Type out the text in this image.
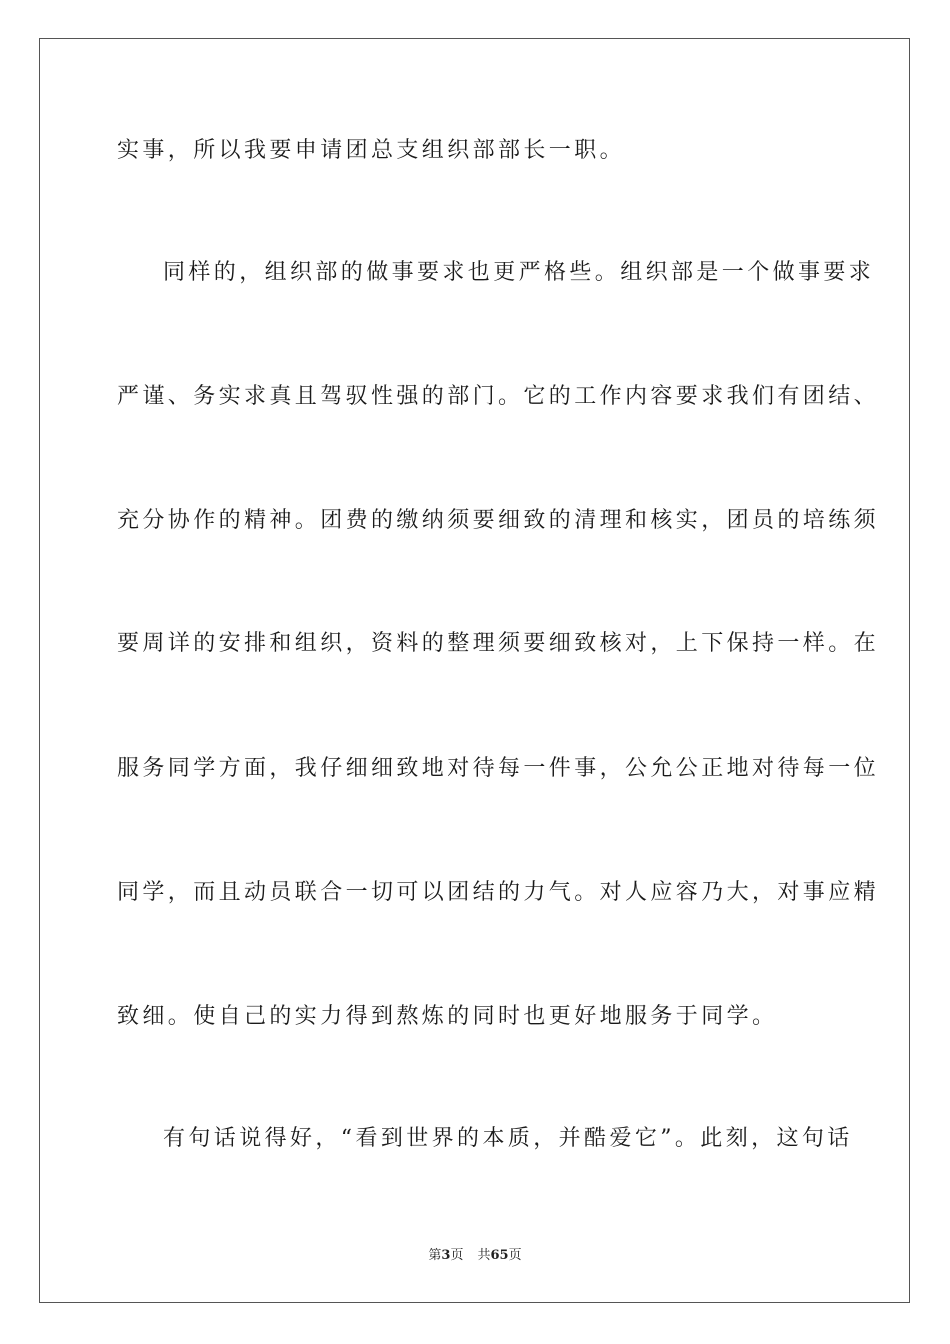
实事，所以我要申请团总支组织部部长一职。
同样的，组织部的做事要求也更严格些。组织部是一个做事要求
严谨、务实求真且驾驭性强的部门。它的工作内容要求我们有团结、
充分协作的精神。团费的缴纳须要细致的清理和核实，团员的培练须
要周详的安排和组织，资料的整理须要细致核对，上下保持一样。在
服务同学方面，我仔细细致地对待每一件事，公允公正地对待每一位
同学，而且动员联合一切可以团结的力气。对人应容乃大，对事应精
致细。使自己的实力得到熬炼的同时也更好地服务于同学。
有句话说得好，“看到世界的本质，并酷爱它”。此刻，这句话
第3页 共65页
